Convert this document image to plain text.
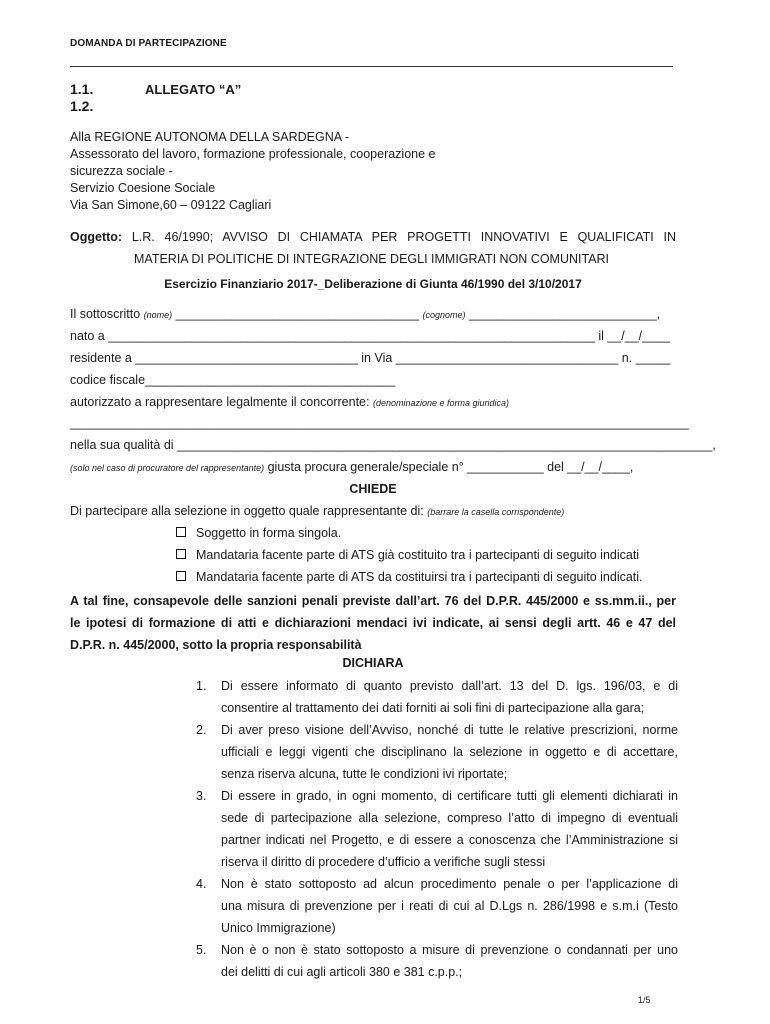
DOMANDA DI PARTECIPAZIONE
1.1.
1.2.
ALLEGATO “A”
Alla REGIONE AUTONOMA DELLA SARDEGNA -
Assessorato del lavoro, formazione professionale, cooperazione e
sicurezza sociale -
Servizio Coesione Sociale
Via San Simone,60 – 09122 Cagliari
Oggetto: L.R. 46/1990; AVVISO DI CHIAMATA PER PROGETTI INNOVATIVI E QUALIFICATI IN
MATERIA DI POLITICHE DI INTEGRAZIONE DEGLI IMMIGRATI NON COMUNITARI
Esercizio Finanziario 2017-_Deliberazione di Giunta 46/1990 del 3/10/2017
Il sottoscritto (nome) ___________________________________ (cognome) ___________________________,
nato a ______________________________________________________________________ il __/__/____
residente a ________________________________ in Via ________________________________ n. _____
codice fiscale____________________________________
autorizzato a rappresentare legalmente il concorrente: (denominazione e forma giuridica)
_________________________________________________________________________________________
nella sua qualità di _____________________________________________________________________________,
(solo nel caso di procuratore del rappresentante) giusta procura generale/speciale n° ___________ del __/__/____,
CHIEDE
Di partecipare alla selezione in oggetto quale rappresentante di: (barrare la casella corrispondente)
Soggetto in forma singola.
Mandataria facente parte di ATS già costituito tra i partecipanti di seguito indicati
Mandataria facente parte di ATS da costituirsi tra i partecipanti di seguito indicati.
A tal fine, consapevole delle sanzioni penali previste dall’art. 76 del D.P.R. 445/2000 e ss.mm.ii., per
le ipotesi di formazione di atti e dichiarazioni mendaci ivi indicate, ai sensi degli artt. 46 e 47 del
D.P.R. n. 445/2000, sotto la propria responsabilità
DICHIARA
1. Di essere informato di quanto previsto dall’art. 13 del D. lgs. 196/03, e di
consentire al trattamento dei dati forniti ai soli fini di partecipazione alla gara;
2. Di aver preso visione dell’Avviso, nonché di tutte le relative prescrizioni, norme
ufficiali e leggi vigenti che disciplinano la selezione in oggetto e di accettare,
senza riserva alcuna, tutte le condizioni ivi riportate;
3. Di essere in grado, in ogni momento, di certificare tutti gli elementi dichiarati in
sede di partecipazione alla selezione, compreso l’atto di impegno di eventuali
partner indicati nel Progetto, e di essere a conoscenza che l’Amministrazione si
riserva il diritto di procedere d’ufficio a verifiche sugli stessi
4. Non è stato sottoposto ad alcun procedimento penale o per l’applicazione di
una misura di prevenzione per i reati di cui al D.Lgs n. 286/1998 e s.m.i (Testo
Unico Immigrazione)
5. Non è o non è stato sottoposto a misure di prevenzione o condannati per uno
dei delitti di cui agli articoli 380 e 381 c.p.p.;
1/5
